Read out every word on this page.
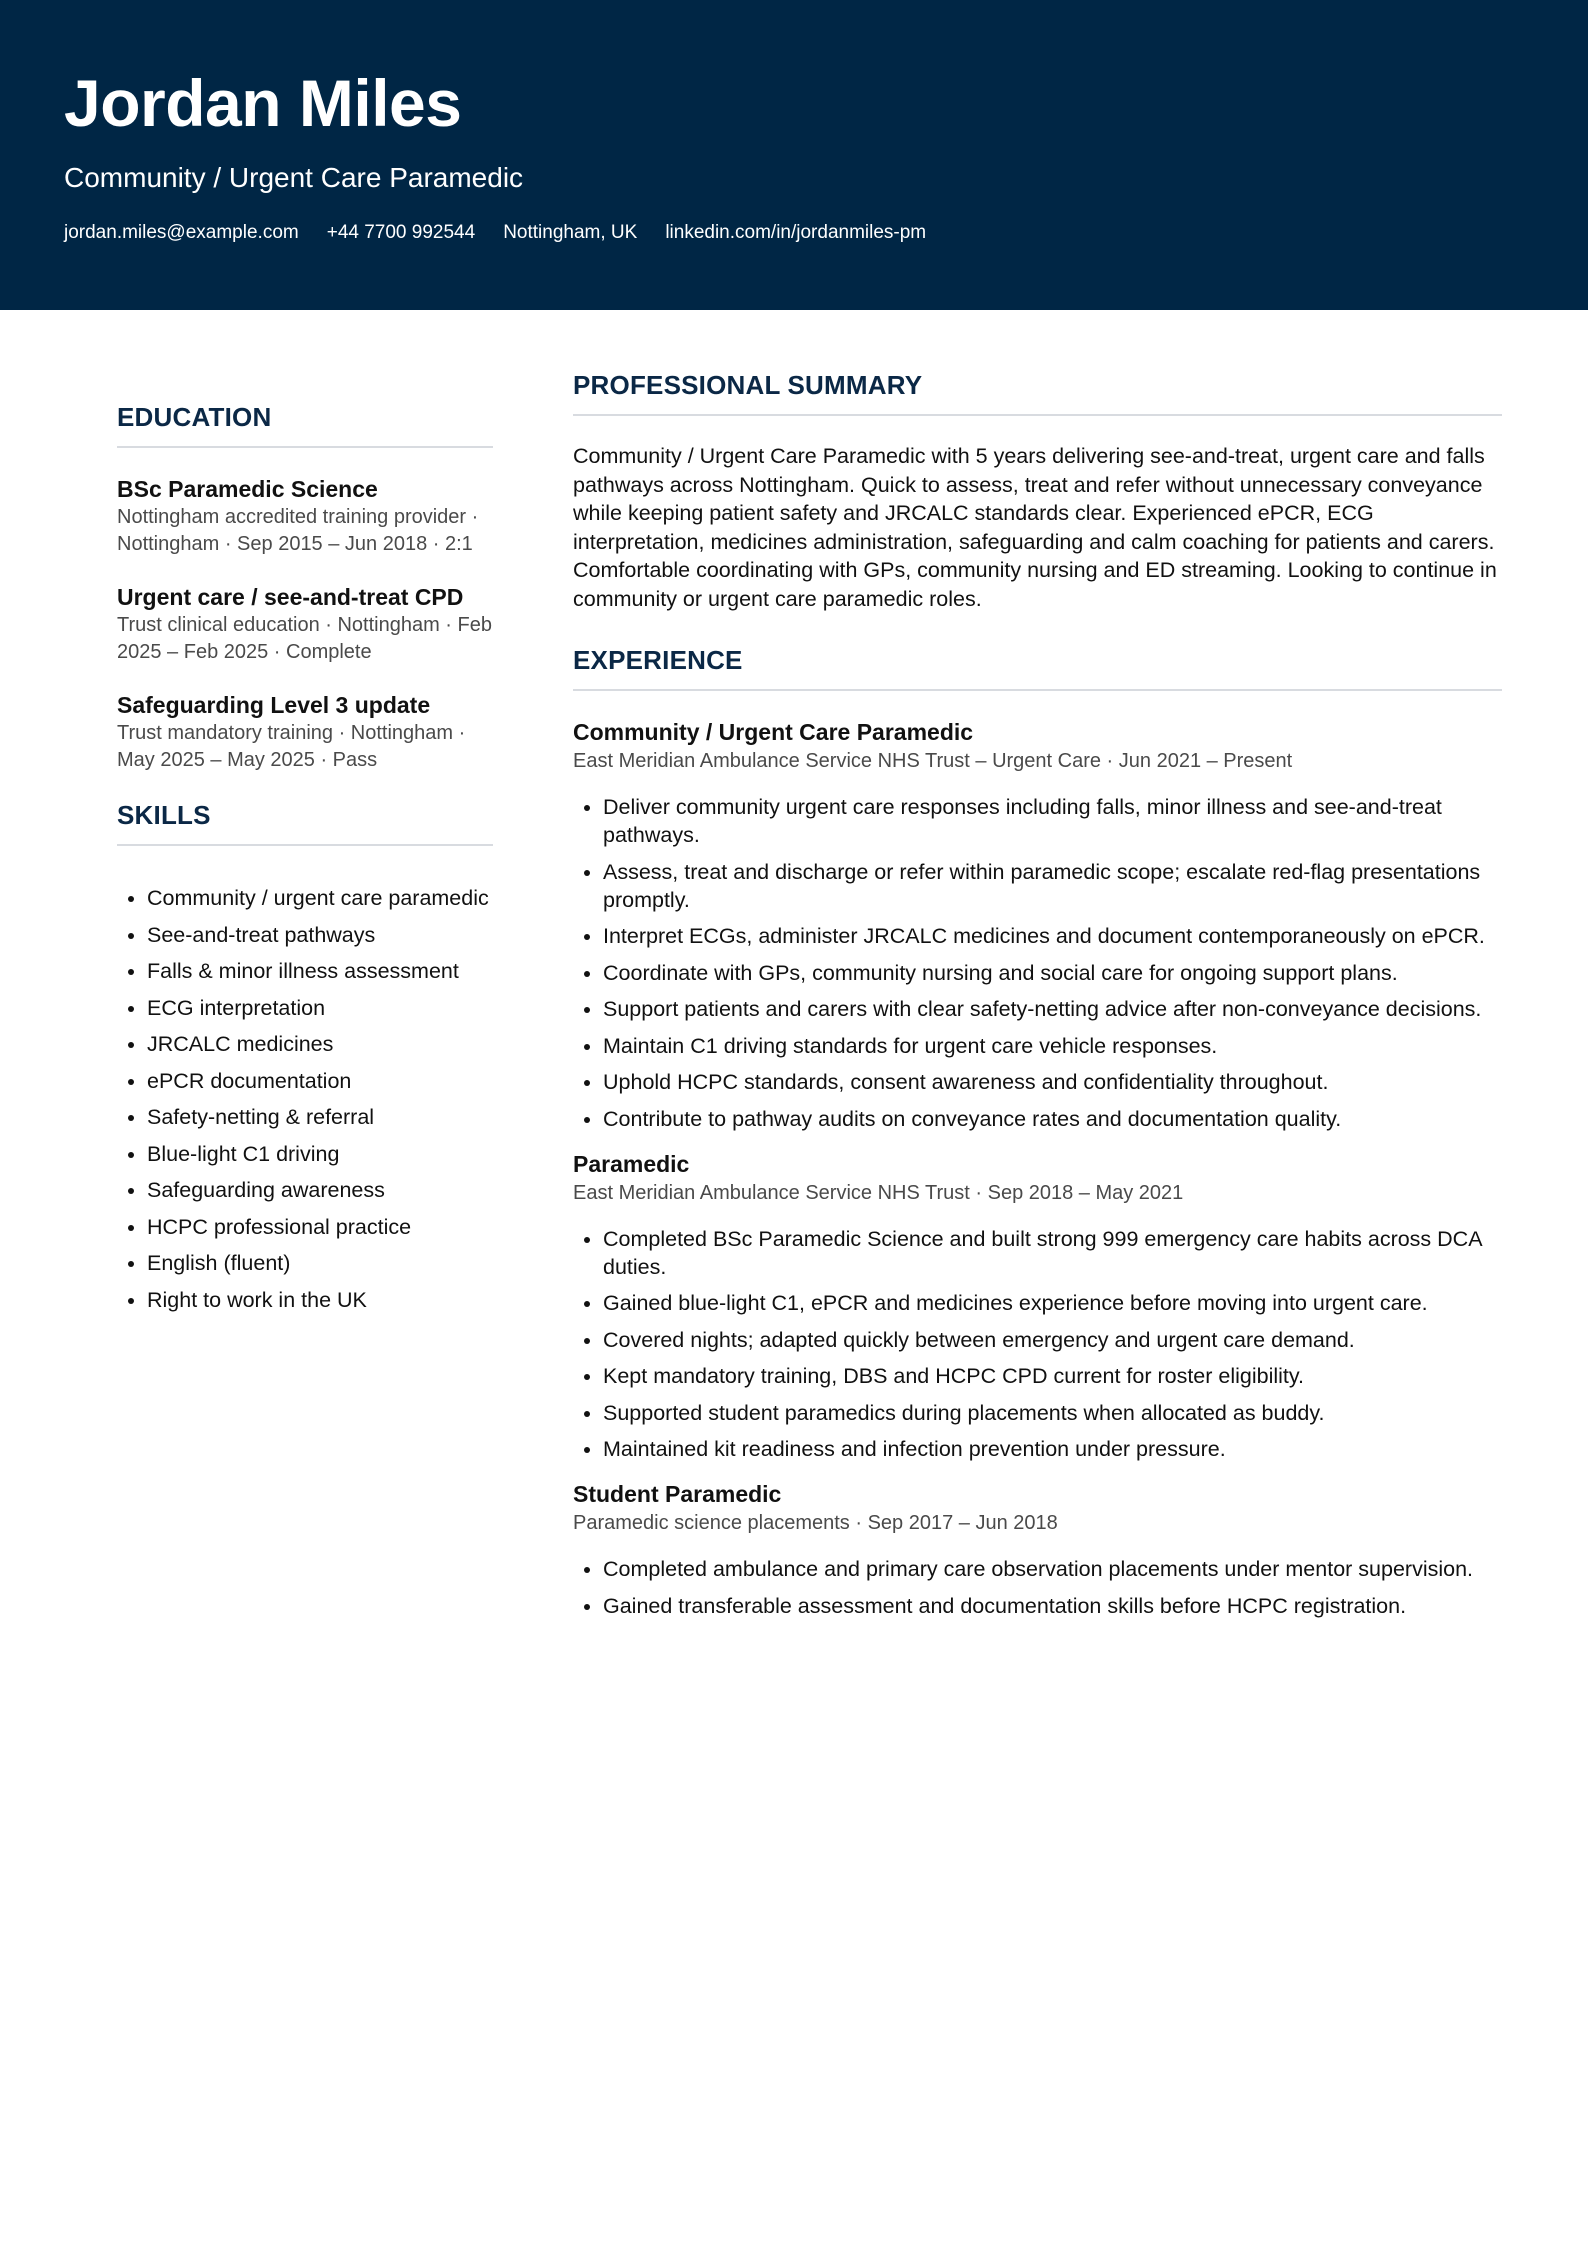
Jordan Miles
Community / Urgent Care Paramedic
jordan.miles@example.com +44 7700 992544 Nottingham, UK linkedin.com/in/jordanmiles-pm
EDUCATION
BSc Paramedic Science
Nottingham accredited training provider · Nottingham · Sep 2015 – Jun 2018 · 2:1
Urgent care / see-and-treat CPD
Trust clinical education · Nottingham · Feb 2025 – Feb 2025 · Complete
Safeguarding Level 3 update
Trust mandatory training · Nottingham · May 2025 – May 2025 · Pass
SKILLS
• Community / urgent care paramedic
• See-and-treat pathways
• Falls & minor illness assessment
• ECG interpretation
• JRCALC medicines
• ePCR documentation
• Safety-netting & referral
• Blue-light C1 driving
• Safeguarding awareness
• HCPC professional practice
• English (fluent)
• Right to work in the UK
PROFESSIONAL SUMMARY
Community / Urgent Care Paramedic with 5 years delivering see-and-treat, urgent care and falls pathways across Nottingham. Quick to assess, treat and refer without unnecessary conveyance while keeping patient safety and JRCALC standards clear. Experienced ePCR, ECG interpretation, medicines administration, safeguarding and calm coaching for patients and carers. Comfortable coordinating with GPs, community nursing and ED streaming. Looking to continue in community or urgent care paramedic roles.
EXPERIENCE
Community / Urgent Care Paramedic
East Meridian Ambulance Service NHS Trust – Urgent Care · Jun 2021 – Present
• Deliver community urgent care responses including falls, minor illness and see-and-treat pathways.
• Assess, treat and discharge or refer within paramedic scope; escalate red-flag presentations promptly.
• Interpret ECGs, administer JRCALC medicines and document contemporaneously on ePCR.
• Coordinate with GPs, community nursing and social care for ongoing support plans.
• Support patients and carers with clear safety-netting advice after non-conveyance decisions.
• Maintain C1 driving standards for urgent care vehicle responses.
• Uphold HCPC standards, consent awareness and confidentiality throughout.
• Contribute to pathway audits on conveyance rates and documentation quality.
Paramedic
East Meridian Ambulance Service NHS Trust · Sep 2018 – May 2021
• Completed BSc Paramedic Science and built strong 999 emergency care habits across DCA duties.
• Gained blue-light C1, ePCR and medicines experience before moving into urgent care.
• Covered nights; adapted quickly between emergency and urgent care demand.
• Kept mandatory training, DBS and HCPC CPD current for roster eligibility.
• Supported student paramedics during placements when allocated as buddy.
• Maintained kit readiness and infection prevention under pressure.
Student Paramedic
Paramedic science placements · Sep 2017 – Jun 2018
• Completed ambulance and primary care observation placements under mentor supervision.
• Gained transferable assessment and documentation skills before HCPC registration.
